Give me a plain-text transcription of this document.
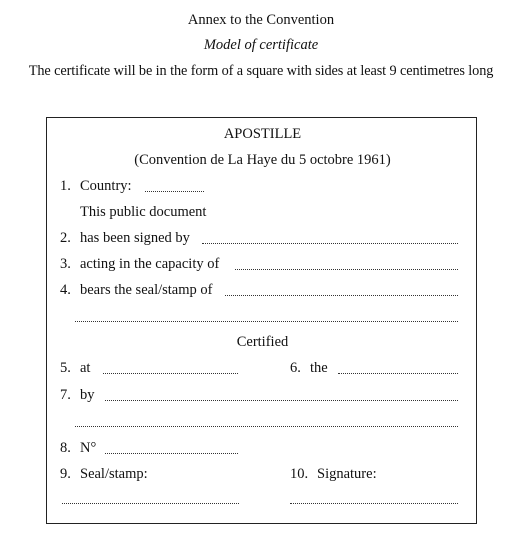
Annex to the Convention
Model of certificate
The certificate will be in the form of a square with sides at least 9 centimetres long
APOSTILLE
(Convention de La Haye du 5 octobre 1961)
1. Country:
This public document
2. has been signed by
3. acting in the capacity of
4. bears the seal/stamp of
Certified
5. at	6. the
7. by
8. N°
9. Seal/stamp:	10. Signature:
